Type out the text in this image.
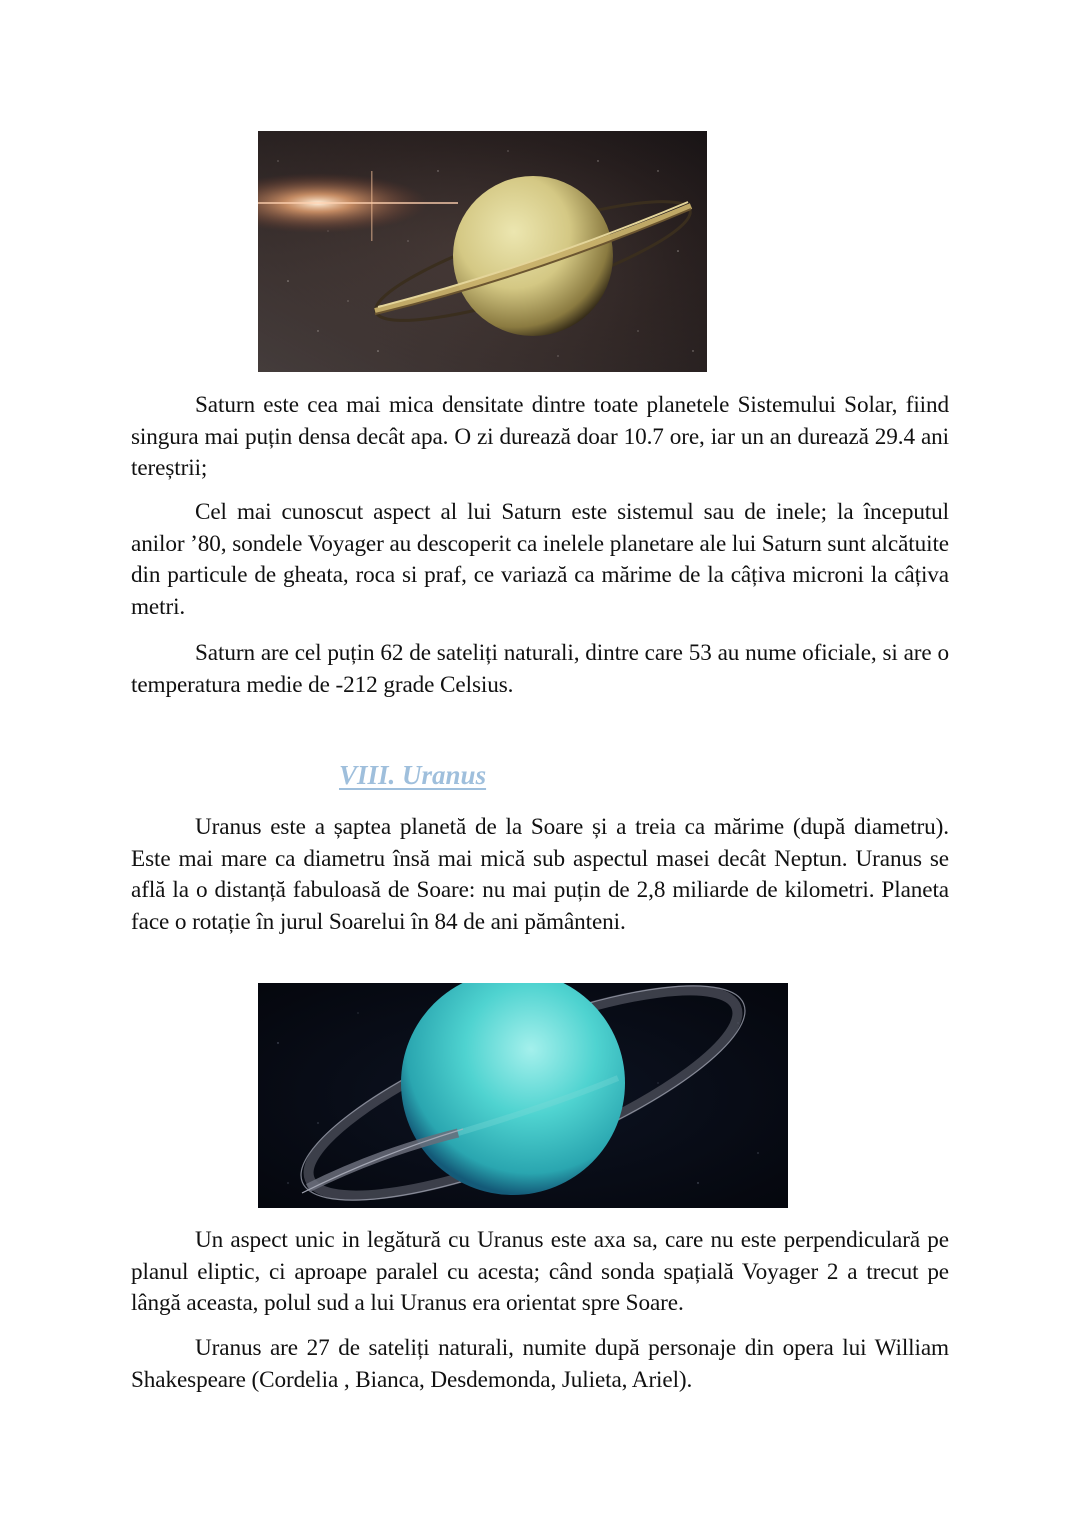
Saturn este cea mai mica densitate dintre toate planetele Sistemului Solar, fiind singura mai puțin densa decât apa. O zi durează doar 10.7 ore, iar un an durează 29.4 ani tereștrii;

Cel mai cunoscut aspect al lui Saturn este sistemul sau de inele; la începutul anilor ’80, sondele Voyager au descoperit ca inelele planetare ale lui Saturn sunt alcătuite din particule de gheata, roca si praf, ce variază ca mărime de la câțiva microni la câțiva metri.

Saturn are cel puțin 62 de sateliți naturali, dintre care 53 au nume oficiale, si are o temperatura medie de -212 grade Celsius.

VIII. Uranus

Uranus este a șaptea planetă de la Soare și a treia ca mărime (după diametru). Este mai mare ca diametru însă mai mică sub aspectul masei decât Neptun. Uranus se află la o distanță fabuloasă de Soare: nu mai puțin de 2,8 miliarde de kilometri. Planeta face o rotație în jurul Soarelui în 84 de ani pământeni.

Un aspect unic in legătură cu Uranus este axa sa, care nu este perpendiculară pe planul eliptic, ci aproape paralel cu acesta; când sonda spațială Voyager 2 a trecut pe lângă aceasta, polul sud a lui Uranus era orientat spre Soare.

Uranus are 27 de sateliți naturali, numite după personaje din opera lui William Shakespeare (Cordelia , Bianca, Desdemonda, Julieta, Ariel).
